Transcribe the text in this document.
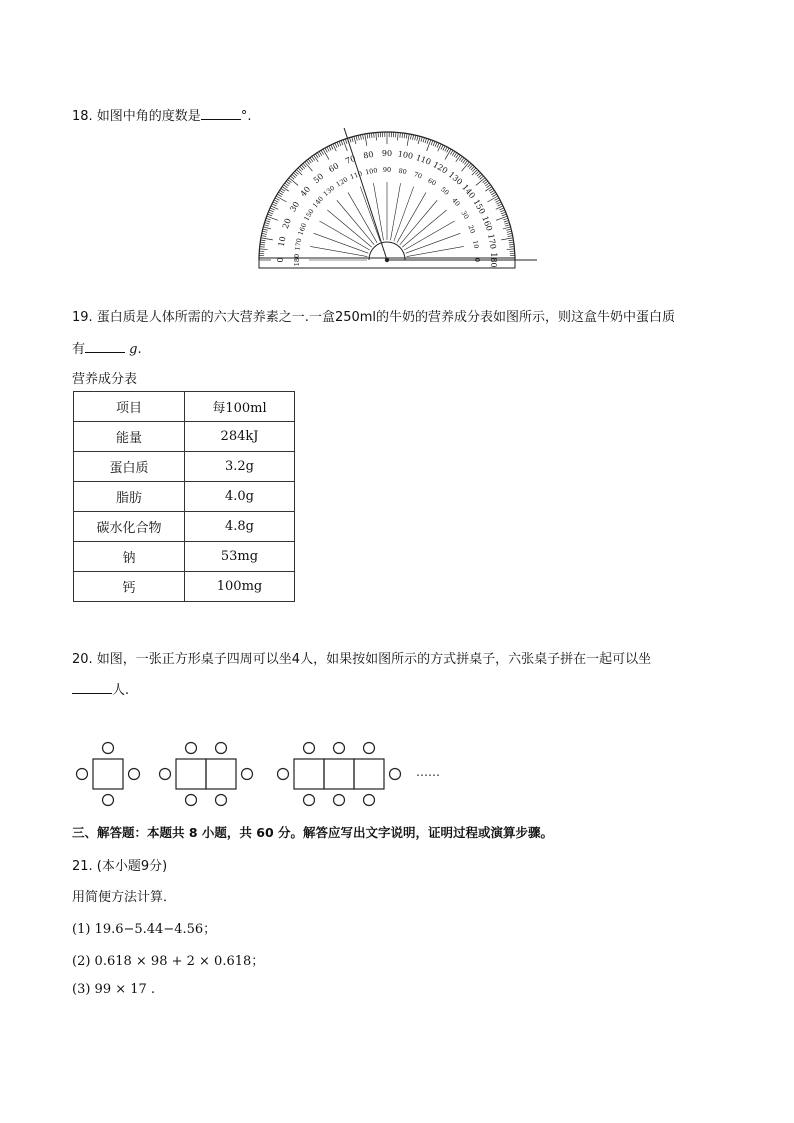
18. 如图中角的度数是	°.
0
10
20
30
40
50
60
70 80 90 100 110
120
130
140
150
160
170
180
180
170
160
150
140
130
120
110 100 90 80 70
60
50
40
30
20
10
0
19. 蛋白质是人体所需的六大营养素之一.一盒250ml的牛奶的营养成分表如图所示，则这盒牛奶中蛋白质
有	g.
营养成分表
项目	每100ml
能量	284kJ
蛋白质	3.2g
脂肪	4.0g
碳水化合物	4.8g
钠	53mg
钙	100mg
20. 如图，一张正方形桌子四周可以坐4人，如果按如图所示的方式拼桌子，六张桌子拼在一起可以坐
人.
……
三、解答题：本题共 8 小题，共 60 分。解答应写出文字说明，证明过程或演算步骤。
21. (本小题9分)
用简便方法计算．
(1) 19.6−5.44−4.56；
(2) 0.618 × 98 + 2 × 0.618；
(3) 99 × 17 .
